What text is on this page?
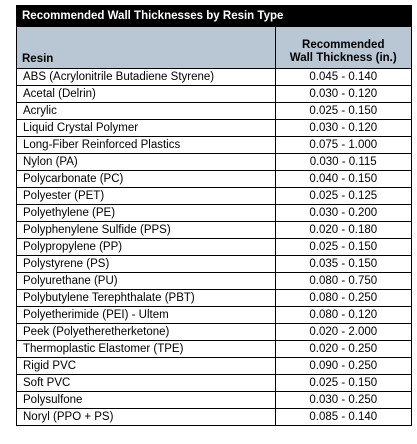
Recommended Wall Thicknesses by Resin Type
Resin	Recommended
Wall Thickness (in.)
ABS (Acrylonitrile Butadiene Styrene)	0.045 - 0.140
Acetal (Delrin)	0.030 - 0.120
Acrylic	0.025 - 0.150
Liquid Crystal Polymer	0.030 - 0.120
Long-Fiber Reinforced Plastics	0.075 - 1.000
Nylon (PA)	0.030 - 0.115
Polycarbonate (PC)	0.040 - 0.150
Polyester (PET)	0.025 - 0.125
Polyethylene (PE)	0.030 - 0.200
Polyphenylene Sulfide (PPS)	0.020 - 0.180
Polypropylene (PP)	0.025 - 0.150
Polystyrene (PS)	0.035 - 0.150
Polyurethane (PU)	0.080 - 0.750
Polybutylene Terephthalate (PBT)	0.080 - 0.250
Polyetherimide (PEI) - Ultem	0.080 - 0.120
Peek (Polyetheretherketone)	0.020 - 2.000
Thermoplastic Elastomer (TPE)	0.020 - 0.250
Rigid PVC	0.090 - 0.250
Soft PVC	0.025 - 0.150
Polysulfone	0.030 - 0.250
Noryl (PPO + PS)	0.085 - 0.140
